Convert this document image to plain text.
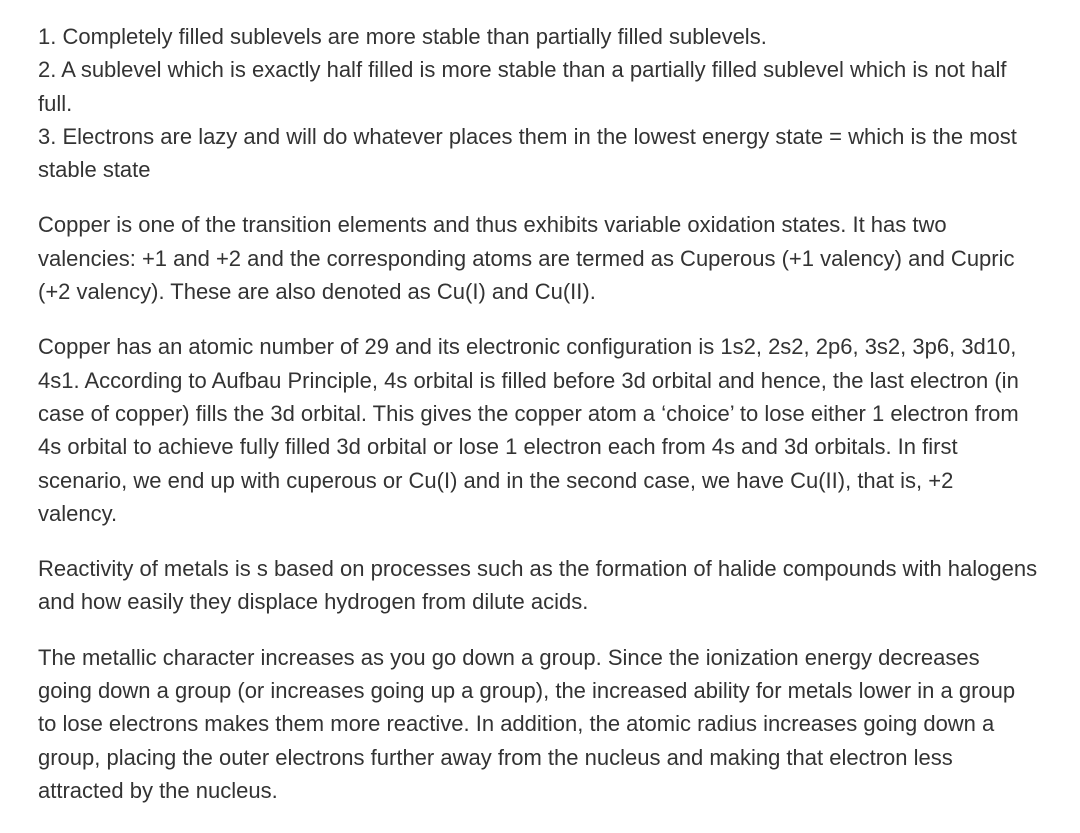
1. Completely filled sublevels are more stable than partially filled sublevels.

2. A sublevel which is exactly half filled is more stable than a partially filled sublevel which is not half full.

3. Electrons are lazy and will do whatever places them in the lowest energy state = which is the most stable state

Copper is one of the transition elements and thus exhibits variable oxidation states. It has two valencies: +1 and +2 and the corresponding atoms are termed as Cuperous (+1 valency) and Cupric (+2 valency). These are also denoted as Cu(I) and Cu(II).

Copper has an atomic number of 29 and its electronic configuration is 1s2, 2s2, 2p6, 3s2, 3p6, 3d10, 4s1. According to Aufbau Principle, 4s orbital is filled before 3d orbital and hence, the last electron (in case of copper) fills the 3d orbital. This gives the copper atom a ‘choice’ to lose either 1 electron from 4s orbital to achieve fully filled 3d orbital or lose 1 electron each from 4s and 3d orbitals. In first scenario, we end up with cuperous or Cu(I) and in the second case, we have Cu(II), that is, +2 valency.

Reactivity of metals is s based on processes such as the formation of halide compounds with halogens and how easily they displace hydrogen from dilute acids.

The metallic character increases as you go down a group. Since the ionization energy decreases going down a group (or increases going up a group), the increased ability for metals lower in a group to lose electrons makes them more reactive. In addition, the atomic radius increases going down a group, placing the outer electrons further away from the nucleus and making that electron less attracted by the nucleus.
